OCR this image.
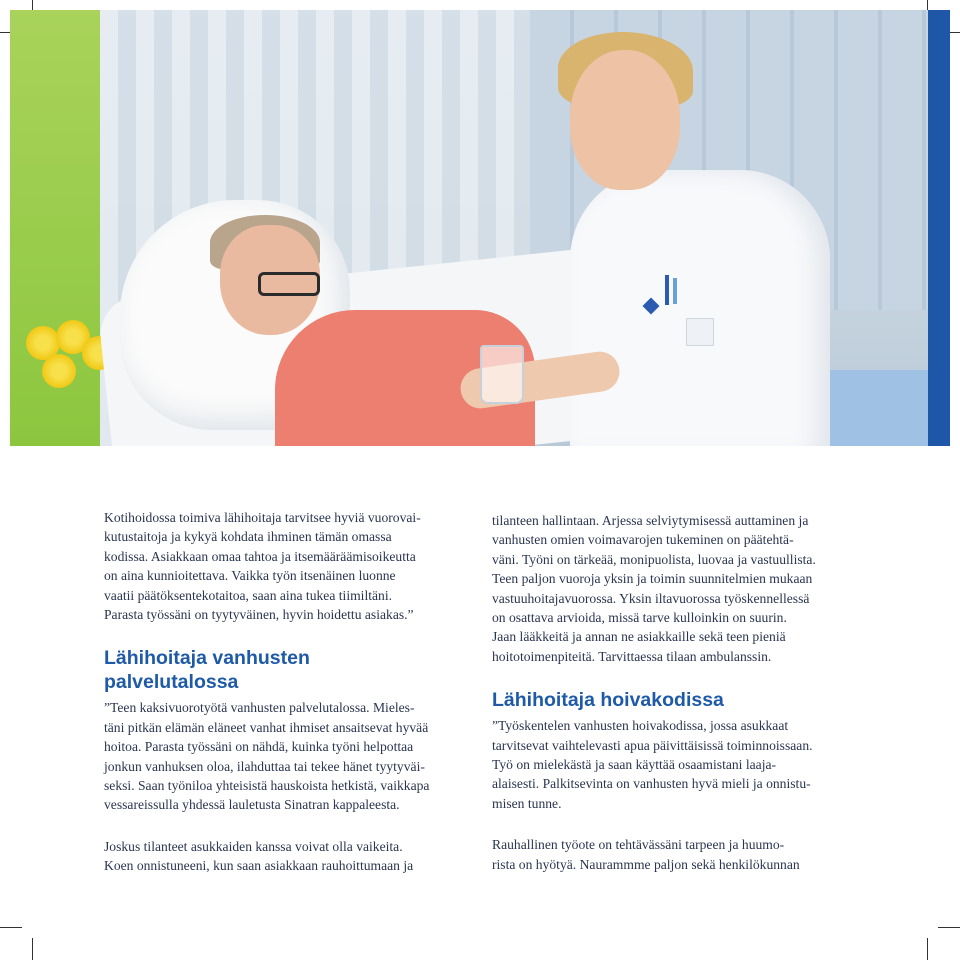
Kotihoidossa toimiva lähihoitaja tarvitsee hyviä vuorovai-

kutustaitoja ja kykyä kohdata ihminen tämän omassa

kodissa. Asiakkaan omaa tahtoa ja itsemääräämisoikeutta

on aina kunnioitettava. Vaikka työn itsenäinen luonne

vaatii päätöksentekotaitoa, saan aina tukea tiimiltäni.

Parasta työssäni on tyytyväinen, hyvin hoidettu asiakas.”

Lähihoitaja vanhusten

palvelutalossa

”Teen kaksivuorotyötä vanhusten palvelutalossa. Mieles-

täni pitkän elämän eläneet vanhat ihmiset ansaitsevat hyvää

hoitoa. Parasta työssäni on nähdä, kuinka työni helpottaa

jonkun vanhuksen oloa, ilahduttaa tai tekee hänet tyytyväi-

seksi. Saan työniloa yhteisistä hauskoista hetkistä, vaikkapa

vessareissulla yhdessä lauletusta Sinatran kappaleesta.

Joskus tilanteet asukkaiden kanssa voivat olla vaikeita.

Koen onnistuneeni, kun saan asiakkaan rauhoittumaan ja

tilanteen hallintaan. Arjessa selviytymisessä auttaminen ja

vanhusten omien voimavarojen tukeminen on päätehtä-

väni. Työni on tärkeää, monipuolista, luovaa ja vastuullista.

Teen paljon vuoroja yksin ja toimin suunnitelmien mukaan

vastuuhoitajavuorossa. Yksin iltavuorossa työskennellessä

on osattava arvioida, missä tarve kulloinkin on suurin.

Jaan lääkkeitä ja annan ne asiakkaille sekä teen pieniä

hoitotoimenpiteitä. Tarvittaessa tilaan ambulanssin.

Lähihoitaja hoivakodissa

”Työskentelen vanhusten hoivakodissa, jossa asukkaat

tarvitsevat vaihtelevasti apua päivittäisissä toiminnoissaan.

Työ on mielekästä ja saan käyttää osaamistani laaja-

alaisesti. Palkitsevinta on vanhusten hyvä mieli ja onnistu-

misen tunne.

Rauhallinen työote on tehtävässäni tarpeen ja huumo-

rista on hyötyä. Naurammme paljon sekä henkilökunnan
